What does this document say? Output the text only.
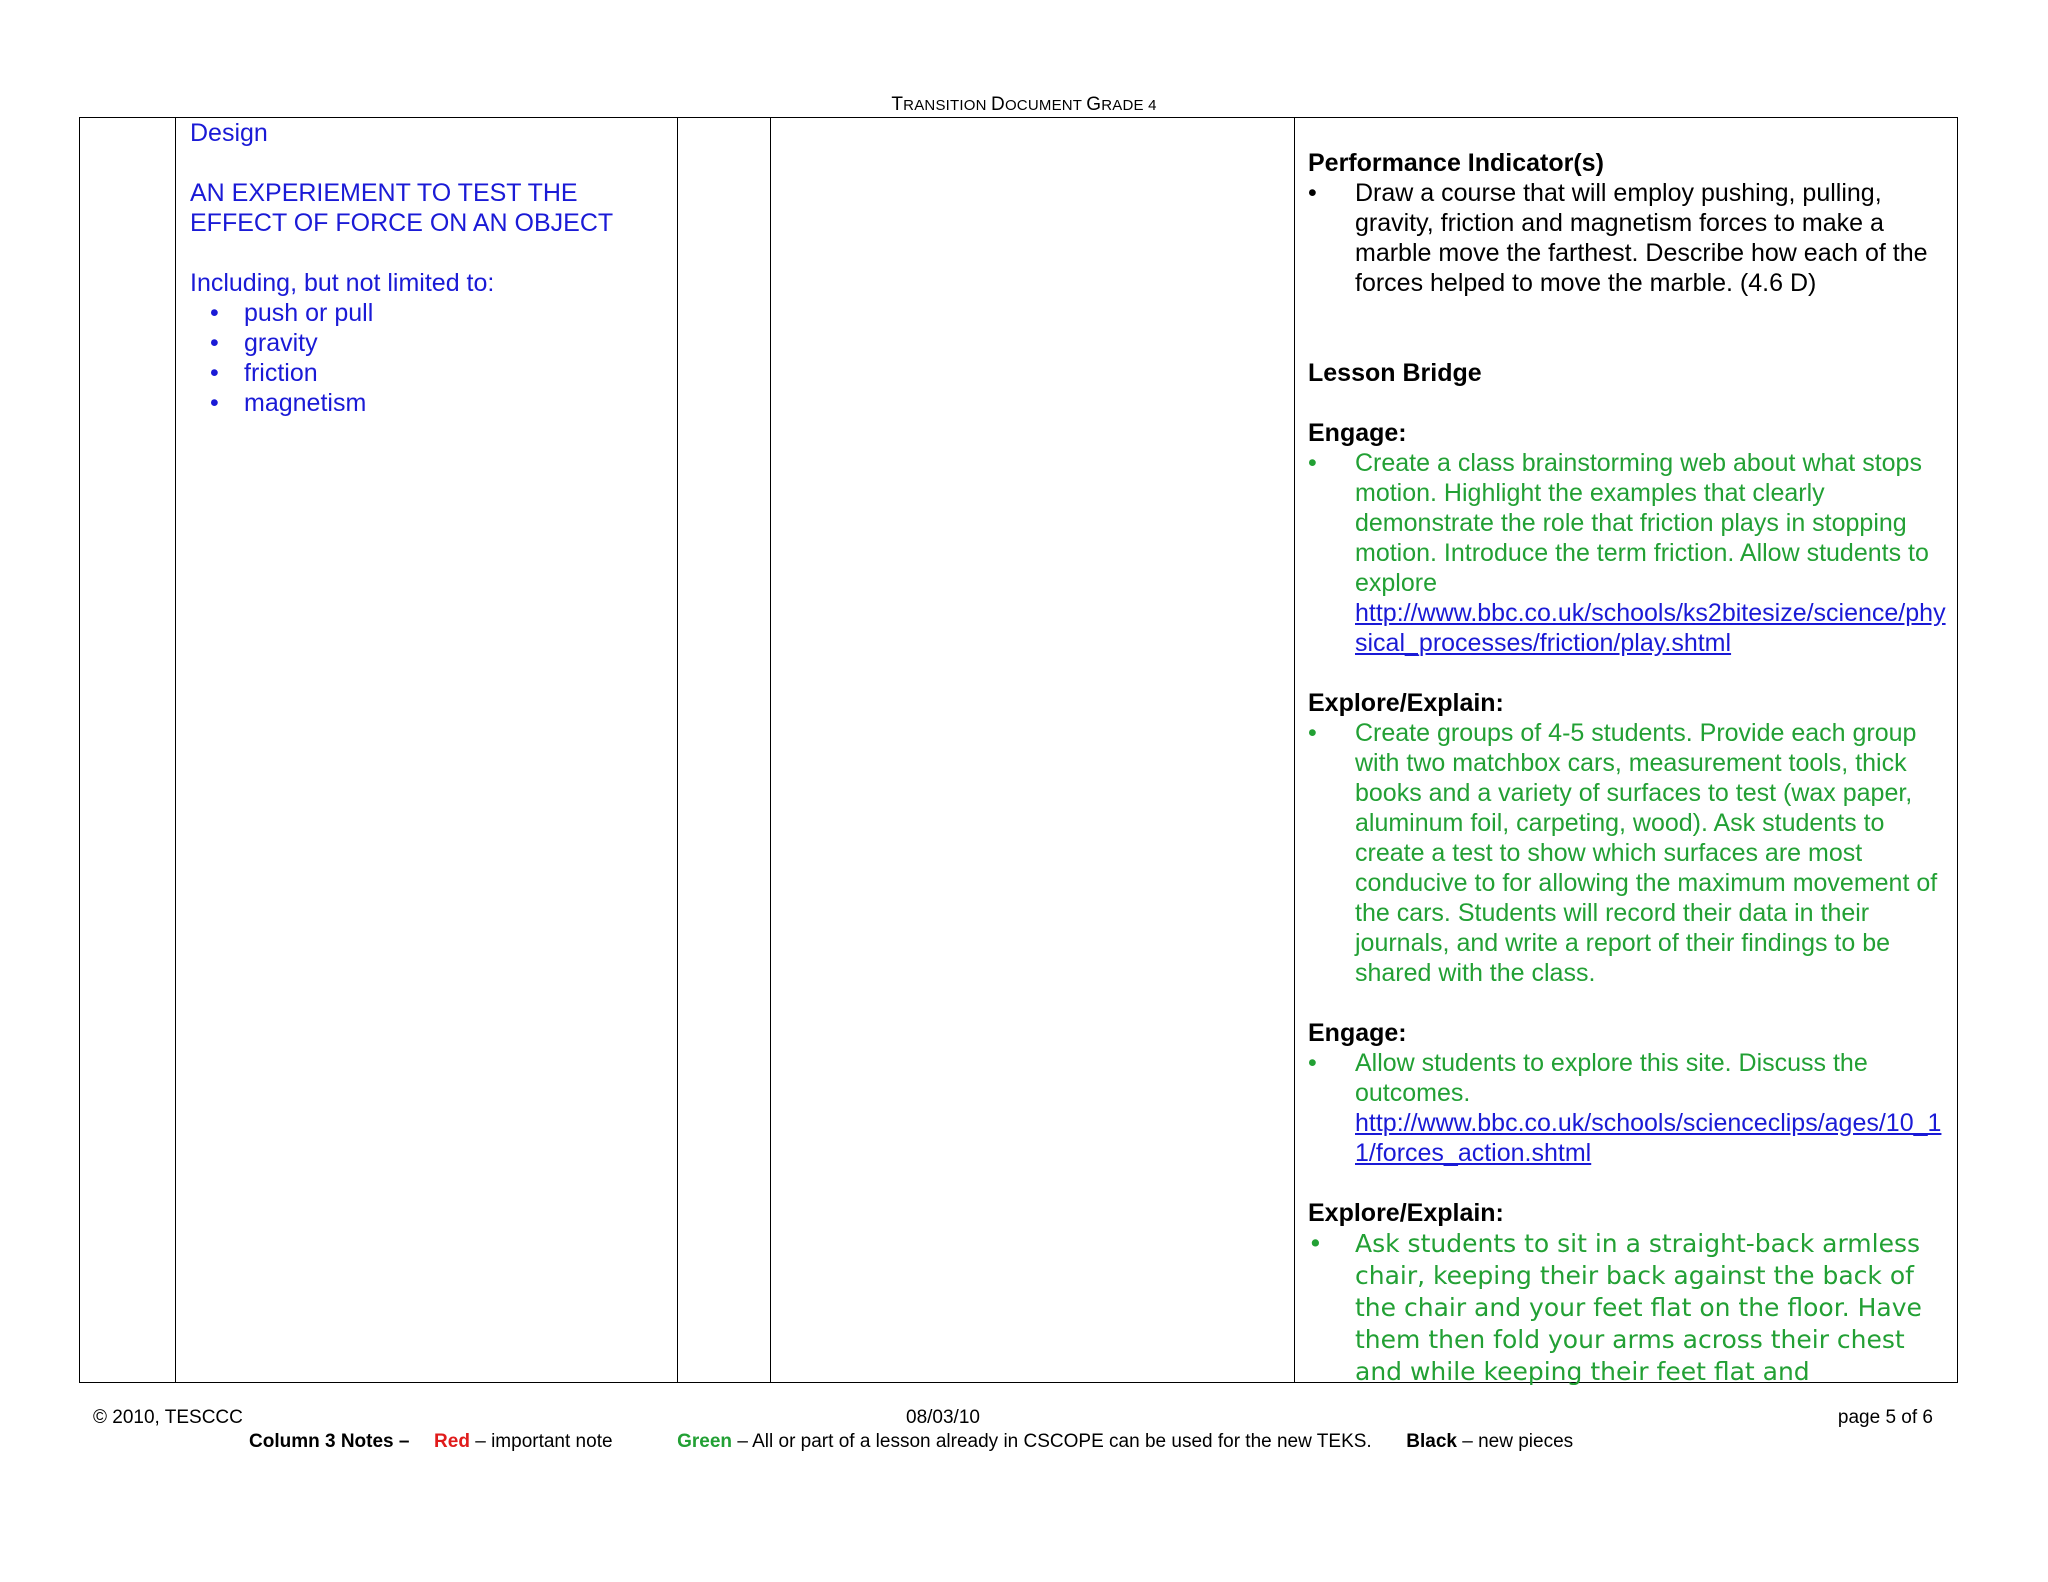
TRANSITION DOCUMENT GRADE 4
Design
AN EXPERIEMENT TO TEST THE
EFFECT OF FORCE ON AN OBJECT
Including, but not limited to:
• push or pull
• gravity
• friction
• magnetism
Performance Indicator(s)
• Draw a course that will employ pushing, pulling, gravity, friction and magnetism forces to make a marble move the farthest. Describe how each of the forces helped to move the marble. (4.6 D)
Lesson Bridge
Engage:
• Create a class brainstorming web about what stops motion. Highlight the examples that clearly demonstrate the role that friction plays in stopping motion. Introduce the term friction. Allow students to explore
http://www.bbc.co.uk/schools/ks2bitesize/science/physical_processes/friction/play.shtml
Explore/Explain:
• Create groups of 4-5 students. Provide each group with two matchbox cars, measurement tools, thick books and a variety of surfaces to test (wax paper, aluminum foil, carpeting, wood). Ask students to create a test to show which surfaces are most conducive to for allowing the maximum movement of the cars. Students will record their data in their journals, and write a report of their findings to be shared with the class.
Engage:
• Allow students to explore this site. Discuss the outcomes.
http://www.bbc.co.uk/schools/scienceclips/ages/10_11/forces_action.shtml
Explore/Explain:
• Ask students to sit in a straight-back armless chair, keeping their back against the back of the chair and your feet flat on the floor. Have them then fold your arms across their chest and while keeping their feet flat and
© 2010, TESCCC	08/03/10	page 5 of 6
Column 3 Notes – Red – important note	Green – All or part of a lesson already in CSCOPE can be used for the new TEKS. Black – new pieces
